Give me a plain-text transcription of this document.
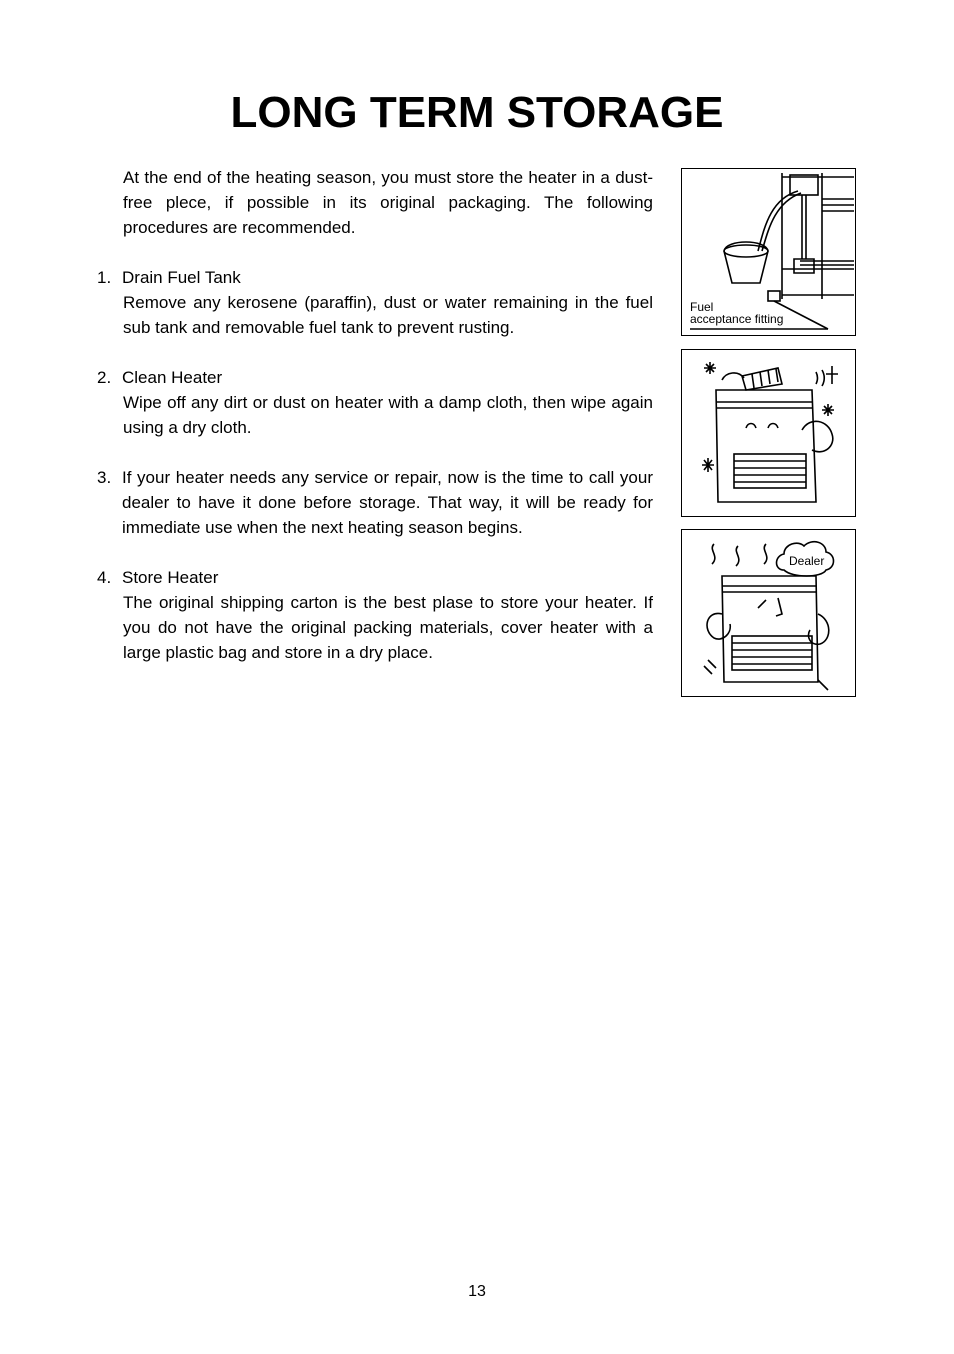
LONG TERM STORAGE
At the end of the heating season, you must store the heater in a dust-free plece, if possible in its original packaging. The following procedures are recommended.
1. Drain Fuel Tank
Remove any kerosene (paraffin), dust or water remaining in the fuel sub tank and removable fuel tank to prevent rusting.
2. Clean Heater
Wipe off any dirt or dust on heater with a damp cloth, then wipe again using a dry cloth.
3. If your heater needs any service or repair, now is the time to call your dealer to have it done before storage. That way, it will be ready for immediate use when the next heating season begins.
4. Store Heater
The original shipping carton is the best plase to store your heater. If you do not have the original packing materials, cover heater with a large plastic bag and store in a dry place.
Fuel
acceptance fitting
Dealer
13
